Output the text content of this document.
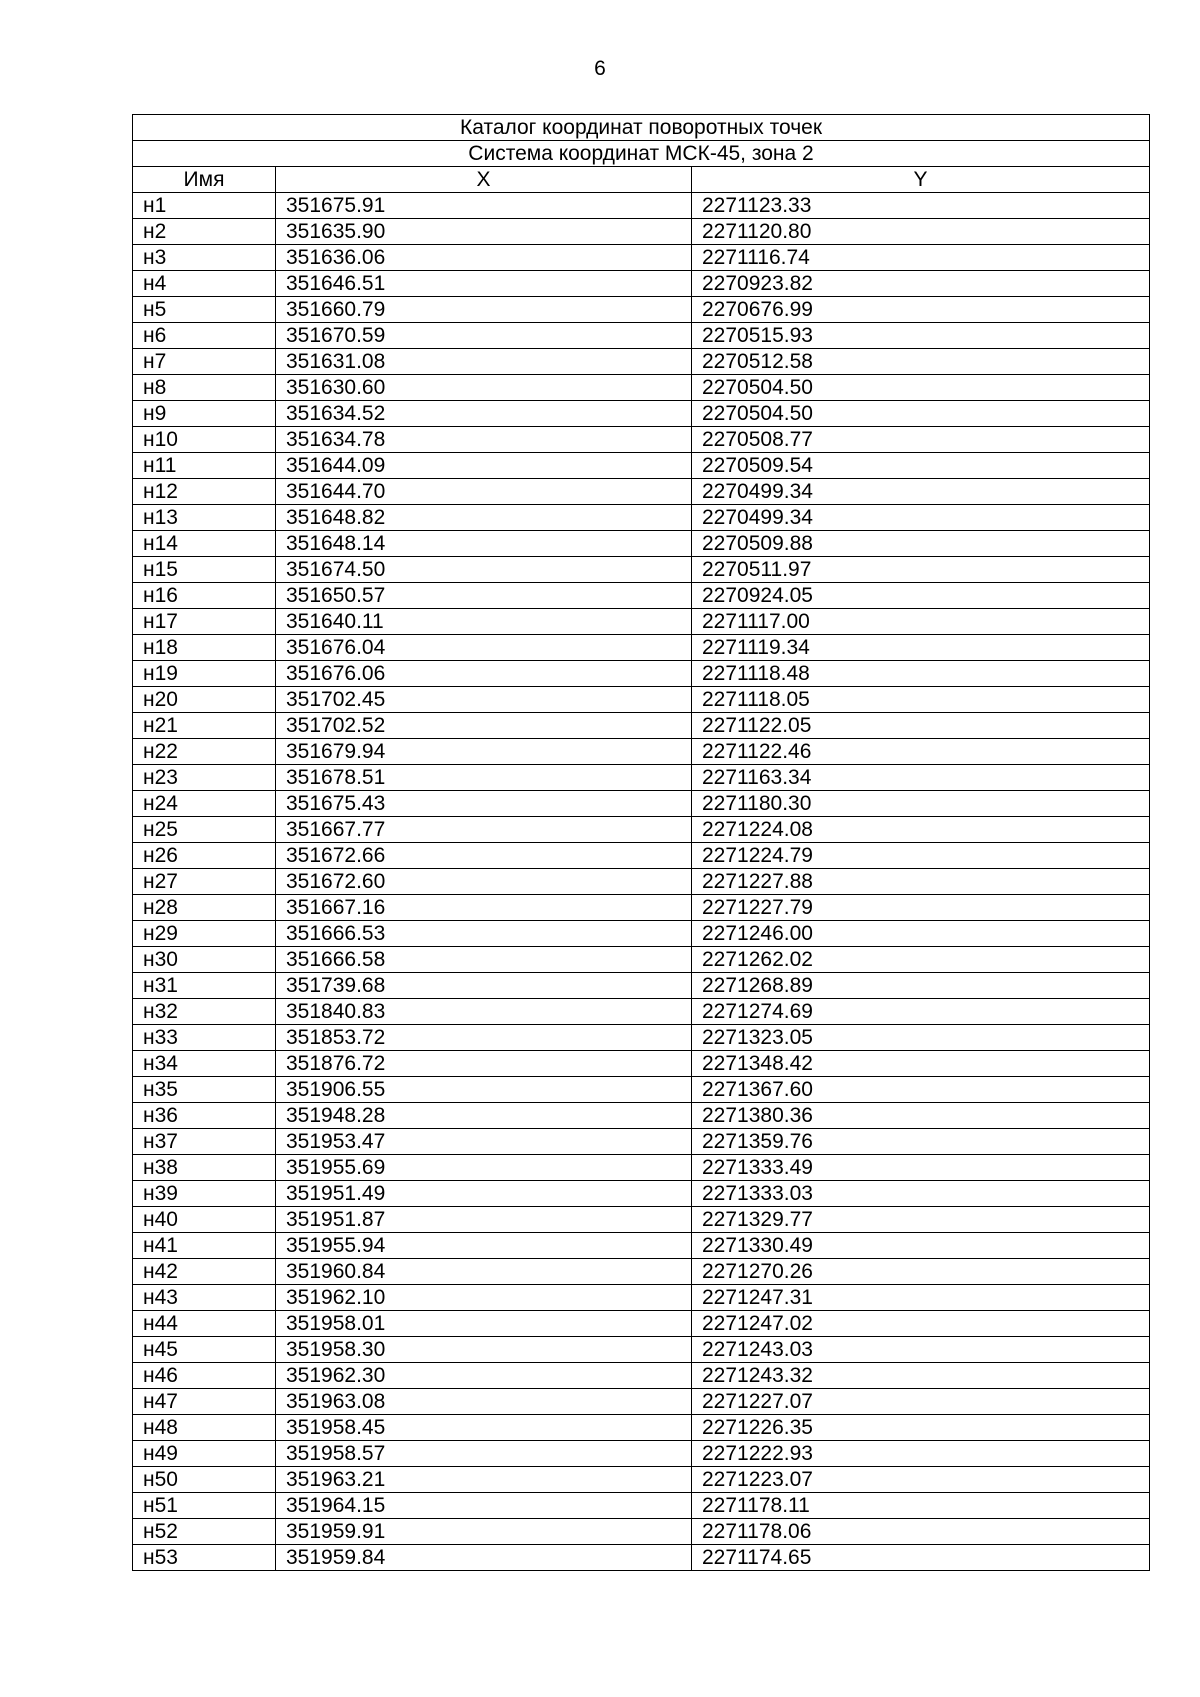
6
Каталог координат поворотных точек		
Система координат МСК-45, зона 2		
Имя	X	Y
н1	351675.91	2271123.33
н2	351635.90	2271120.80
н3	351636.06	2271116.74
н4	351646.51	2270923.82
н5	351660.79	2270676.99
н6	351670.59	2270515.93
н7	351631.08	2270512.58
н8	351630.60	2270504.50
н9	351634.52	2270504.50
н10	351634.78	2270508.77
н11	351644.09	2270509.54
н12	351644.70	2270499.34
н13	351648.82	2270499.34
н14	351648.14	2270509.88
н15	351674.50	2270511.97
н16	351650.57	2270924.05
н17	351640.11	2271117.00
н18	351676.04	2271119.34
н19	351676.06	2271118.48
н20	351702.45	2271118.05
н21	351702.52	2271122.05
н22	351679.94	2271122.46
н23	351678.51	2271163.34
н24	351675.43	2271180.30
н25	351667.77	2271224.08
н26	351672.66	2271224.79
н27	351672.60	2271227.88
н28	351667.16	2271227.79
н29	351666.53	2271246.00
н30	351666.58	2271262.02
н31	351739.68	2271268.89
н32	351840.83	2271274.69
н33	351853.72	2271323.05
н34	351876.72	2271348.42
н35	351906.55	2271367.60
н36	351948.28	2271380.36
н37	351953.47	2271359.76
н38	351955.69	2271333.49
н39	351951.49	2271333.03
н40	351951.87	2271329.77
н41	351955.94	2271330.49
н42	351960.84	2271270.26
н43	351962.10	2271247.31
н44	351958.01	2271247.02
н45	351958.30	2271243.03
н46	351962.30	2271243.32
н47	351963.08	2271227.07
н48	351958.45	2271226.35
н49	351958.57	2271222.93
н50	351963.21	2271223.07
н51	351964.15	2271178.11
н52	351959.91	2271178.06
н53	351959.84	2271174.65
